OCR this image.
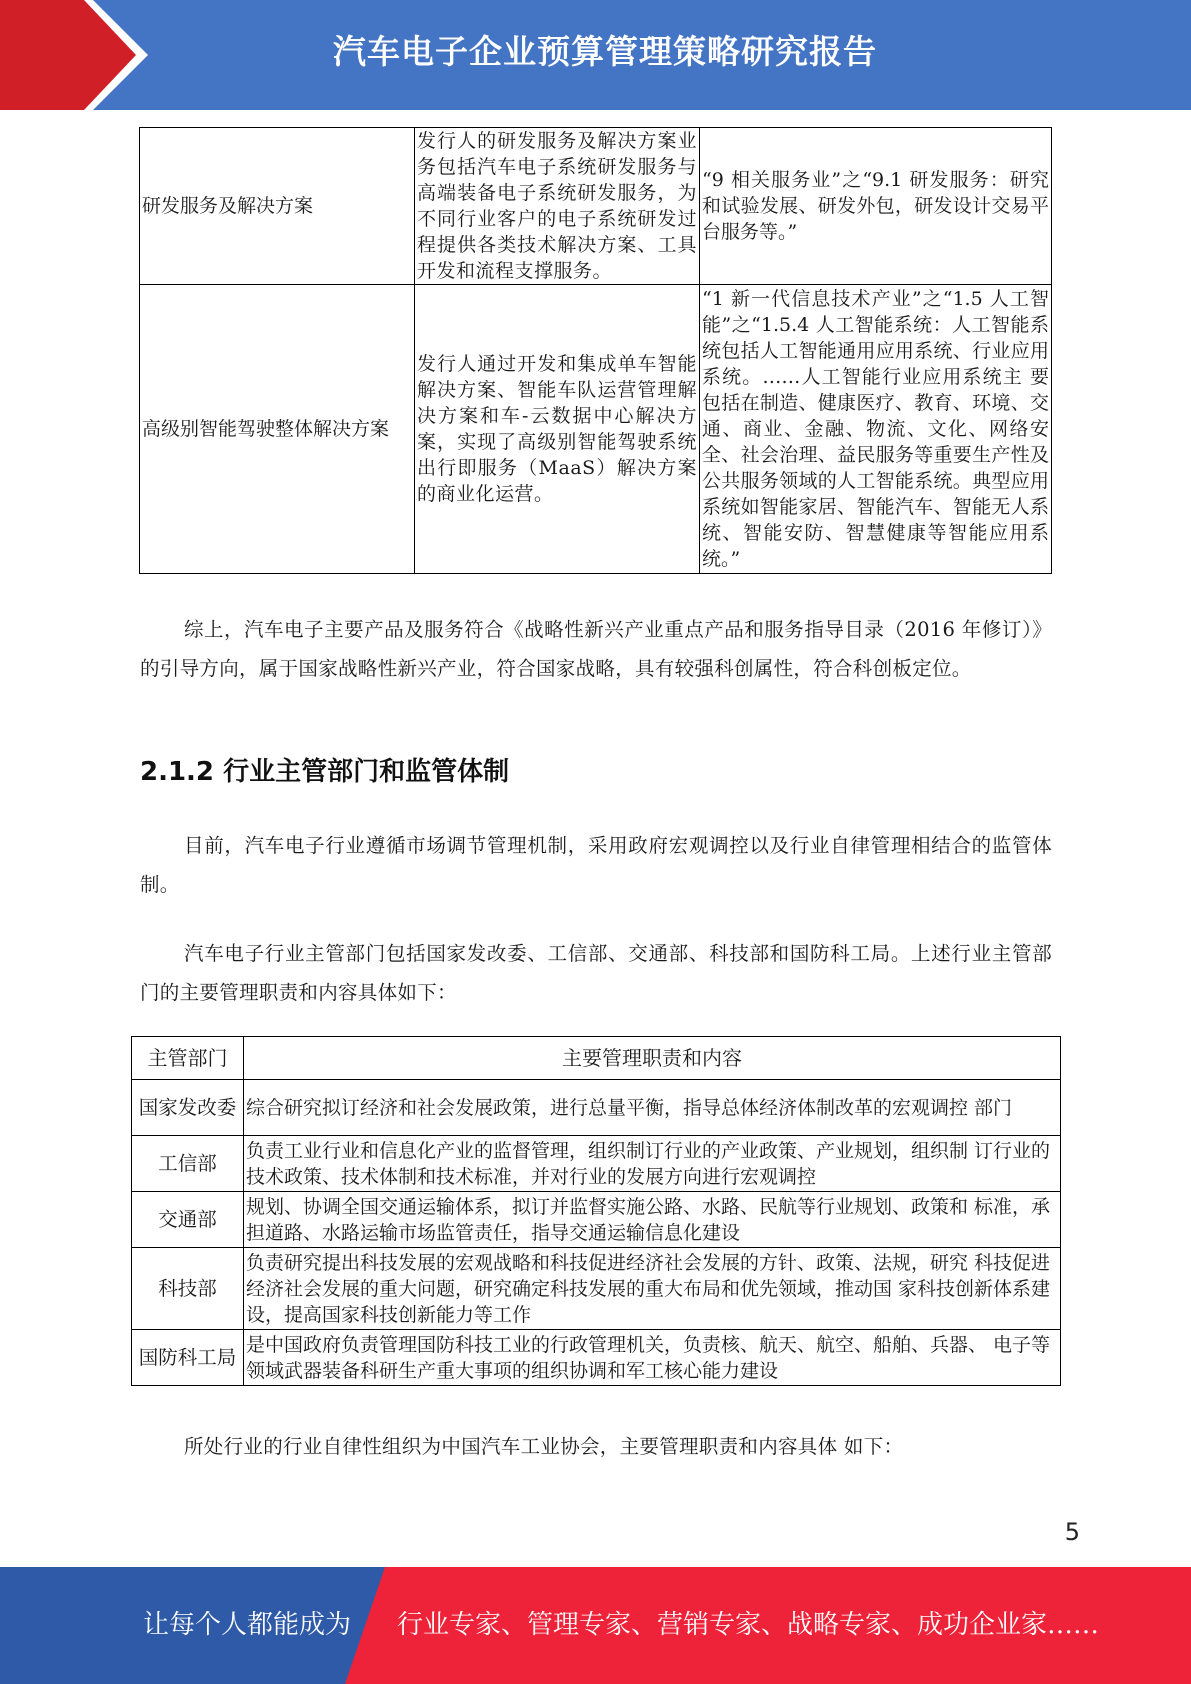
汽车电子企业预算管理策略研究报告
研发服务及解决方案	发行人的研发服务及解决方案业务包括汽车电子系统研发服务与高端装备电子系统研发服务，为不同行业客户的电子系统研发过程提供各类技术解决方案、工具开发和流程支撑服务。	“9 相关服务业”之“9.1 研发服务：研究和试验发展、研发外包，研发设计交易平台服务等。”
高级别智能驾驶整体解决方案	发行人通过开发和集成单车智能解决方案、智能车队运营管理解决方案和车-云数据中心解决方案，实现了高级别智能驾驶系统出行即服务（MaaS）解决方案的商业化运营。	“1 新一代信息技术产业”之“1.5 人工智能”之“1.5.4 人工智能系统：人工智能系统包括人工智能通用应用系统、行业应用系统。……人工智能行业应用系统主 要包括在制造、健康医疗、教育、环境、交通、商业、金融、物流、文化、网络安全、社会治理、益民服务等重要生产性及公共服务领域的人工智能系统。典型应用系统如智能家居、智能汽车、智能无人系统、智能安防、智慧健康等智能应用系统。”

综上，汽车电子主要产品及服务符合《战略性新兴产业重点产品和服务指导目录（2016 年修订）》的引导方向，属于国家战略性新兴产业，符合国家战略，具有较强科创属性，符合科创板定位。

2.1.2 行业主管部门和监管体制

目前，汽车电子行业遵循市场调节管理机制，采用政府宏观调控以及行业自律管理相结合的监管体制。

汽车电子行业主管部门包括国家发改委、工信部、交通部、科技部和国防科工局。上述行业主管部门的主要管理职责和内容具体如下：

主管部门	主要管理职责和内容
国家发改委	综合研究拟订经济和社会发展政策，进行总量平衡，指导总体经济体制改革的宏观调控 部门
工信部	负责工业行业和信息化产业的监督管理，组织制订行业的产业政策、产业规划，组织制 订行业的技术政策、技术体制和技术标准，并对行业的发展方向进行宏观调控
交通部	规划、协调全国交通运输体系，拟订并监督实施公路、水路、民航等行业规划、政策和 标准，承担道路、水路运输市场监管责任，指导交通运输信息化建设
科技部	负责研究提出科技发展的宏观战略和科技促进经济社会发展的方针、政策、法规，研究 科技促进经济社会发展的重大问题，研究确定科技发展的重大布局和优先领域，推动国 家科技创新体系建设，提高国家科技创新能力等工作
国防科工局	是中国政府负责管理国防科技工业的行政管理机关，负责核、航天、航空、船舶、兵器、 电子等领域武器装备科研生产重大事项的组织协调和军工核心能力建设

所处行业的行业自律性组织为中国汽车工业协会，主要管理职责和内容具体 如下：

5
让每个人都能成为 行业专家、管理专家、营销专家、战略专家、成功企业家……
